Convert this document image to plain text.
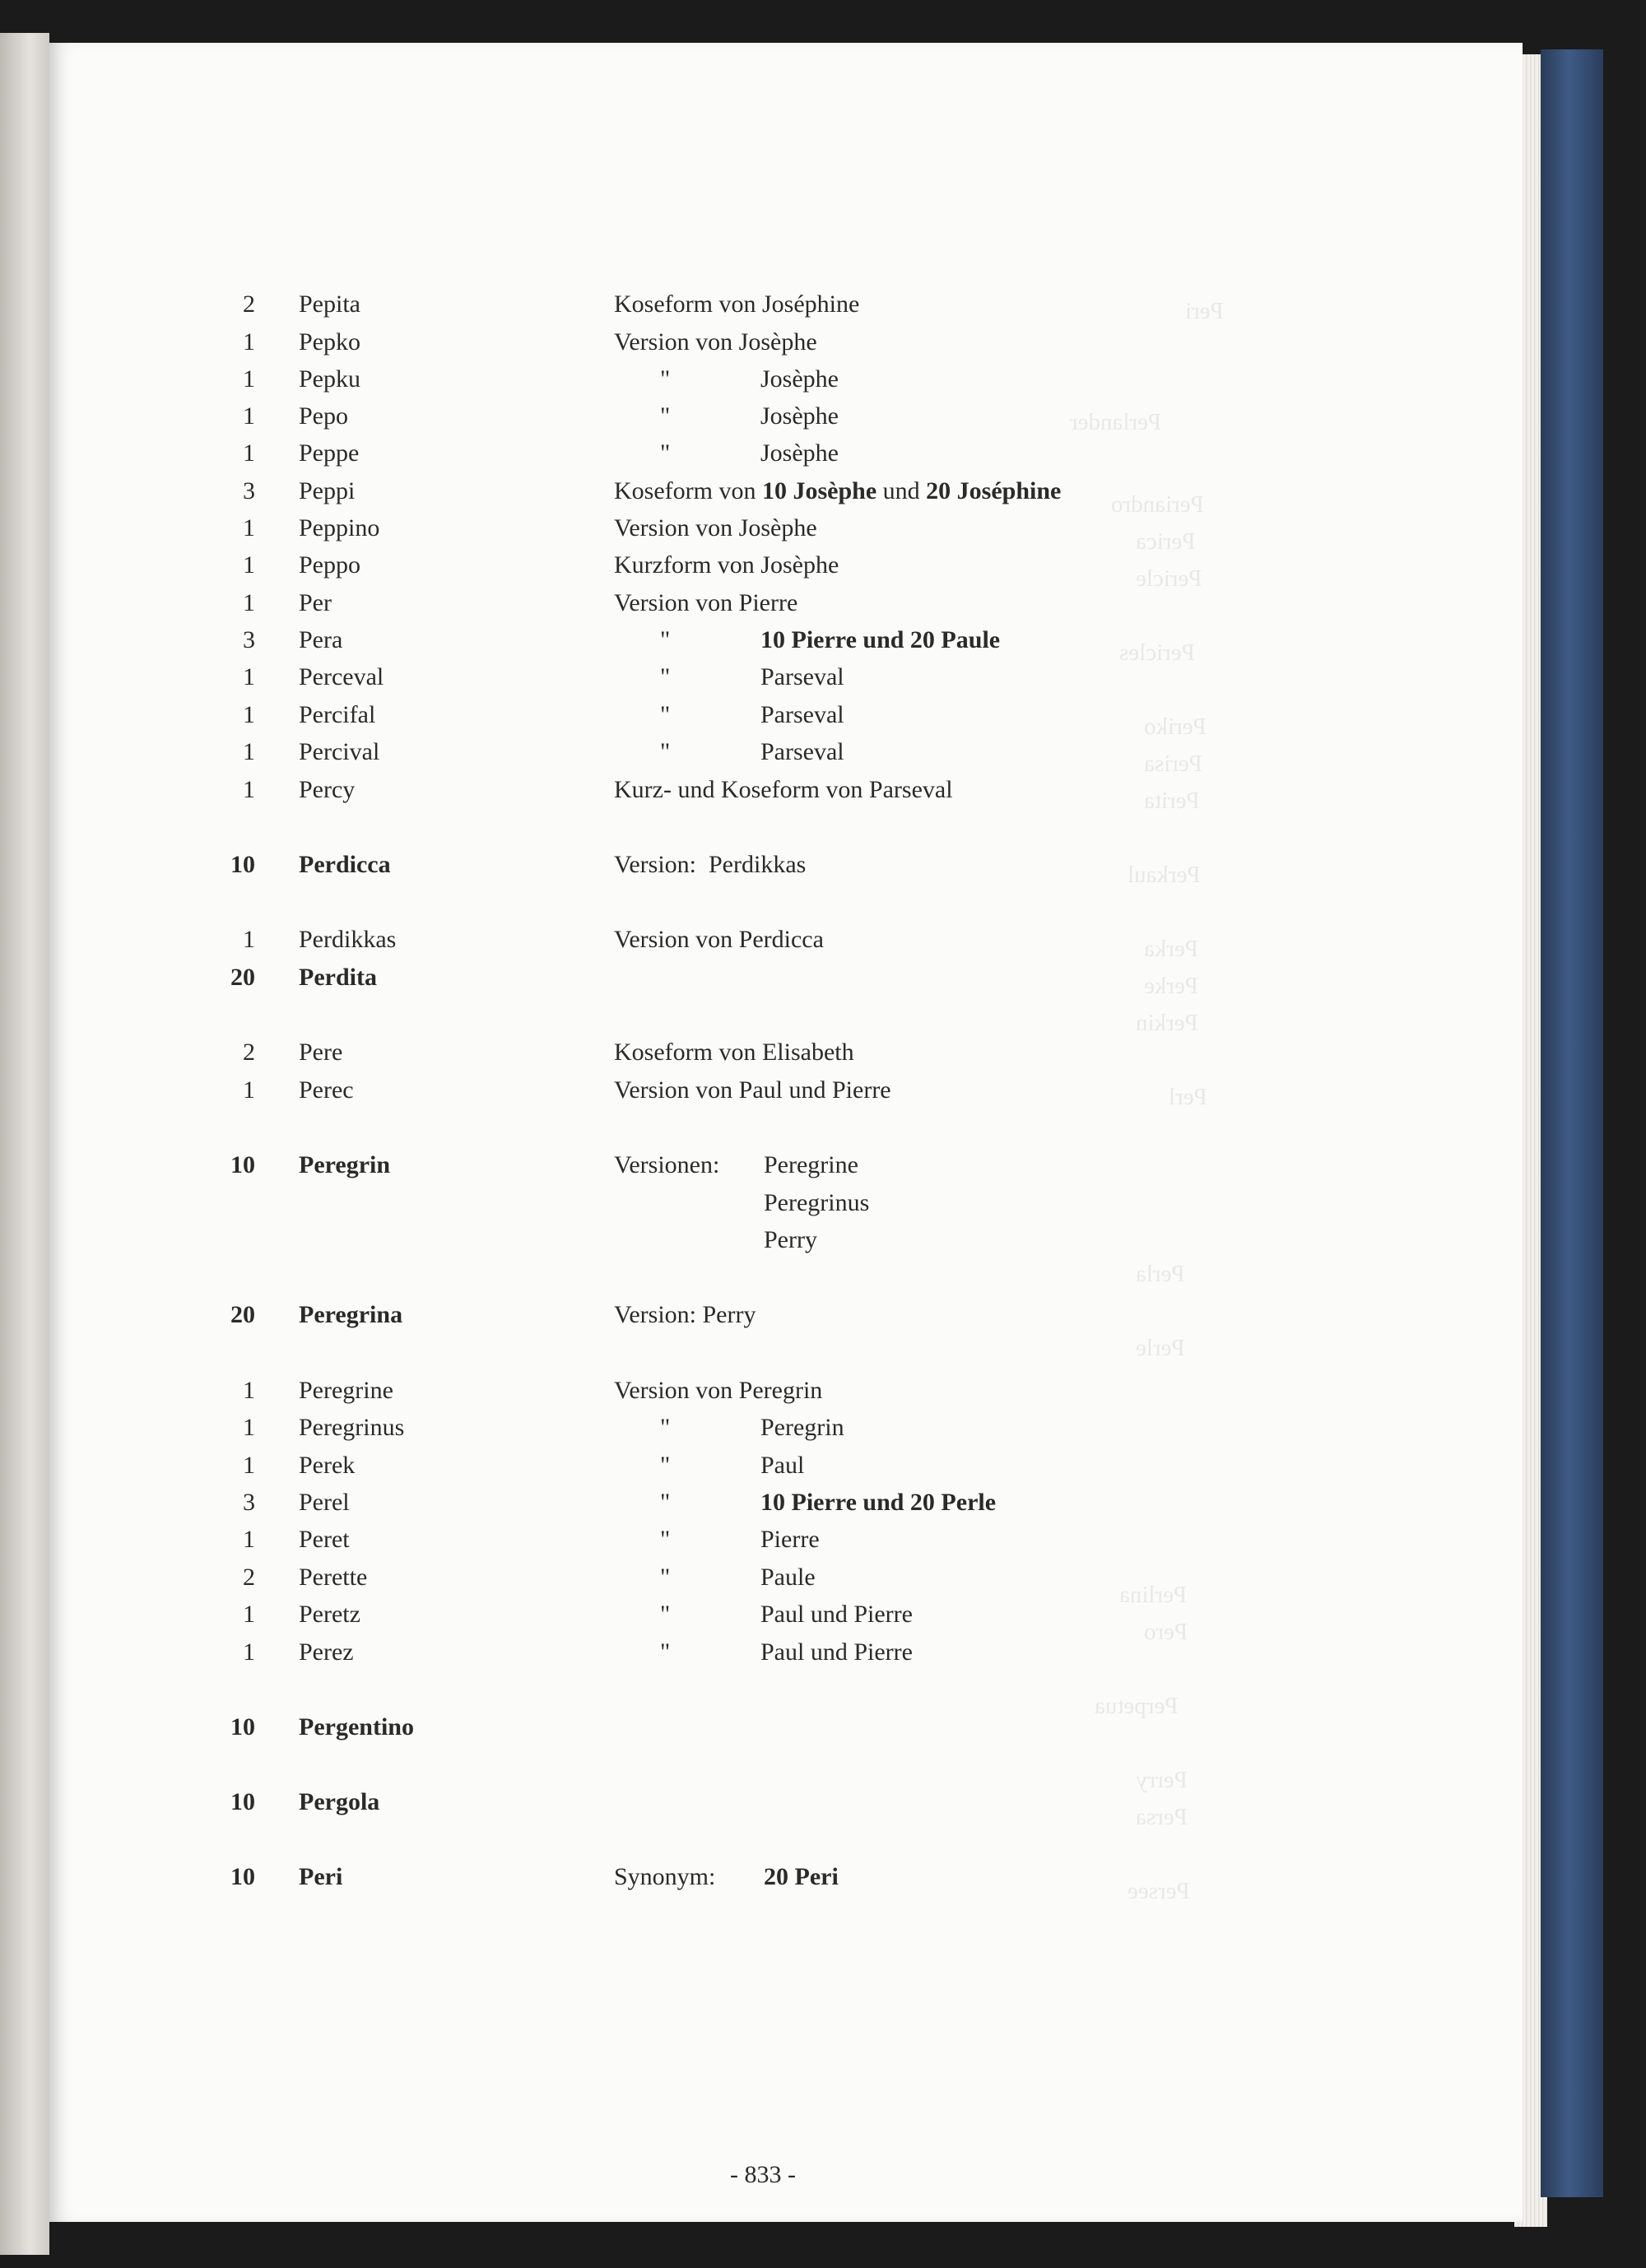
Peri
Perlander
Periandro
Perica
Pericle
Pericles
Periko
Perisa
Perita
Perkaul
Perka
Perke
Perkin
Perl
Perla
Perle
Perlina
Pero
Perpetua
Perry
Persa
Persee
2 Pepita	Koseform von Joséphine
1 Pepko	Version von Josèphe
1 Pepku	"	Josèphe
1 Pepo	"	Josèphe
1 Peppe	"	Josèphe
3 Peppi	Koseform von 10 Josèphe und 20 Joséphine
1 Peppino	Version von Josèphe
1 Peppo	Kurzform von Josèphe
1 Per	Version von Pierre
3 Pera	"	10 Pierre und 20 Paule
1 Perceval	"	Parseval
1 Percifal	"	Parseval
1 Percival	"	Parseval
1 Percy	Kurz- und Koseform von Parseval
10 Perdicca	Version:  Perdikkas
1 Perdikkas	Version von Perdicca
20 Perdita
2 Pere	Koseform von Elisabeth
1 Perec	Version von Paul und Pierre
10 Peregrin	Versionen: Peregrine
Peregrinus
Perry
20 Peregrina	Version: Perry
1 Peregrine	Version von Peregrin
1 Peregrinus	"	Peregrin
1 Perek	"	Paul
3 Perel	"	10 Pierre und 20 Perle
1 Peret	"	Pierre
2 Perette	"	Paule
1 Peretz	"	Paul und Pierre
1 Perez	"	Paul und Pierre
10 Pergentino
10 Pergola
10 Peri	Synonym: 20 Peri
- 833 -
